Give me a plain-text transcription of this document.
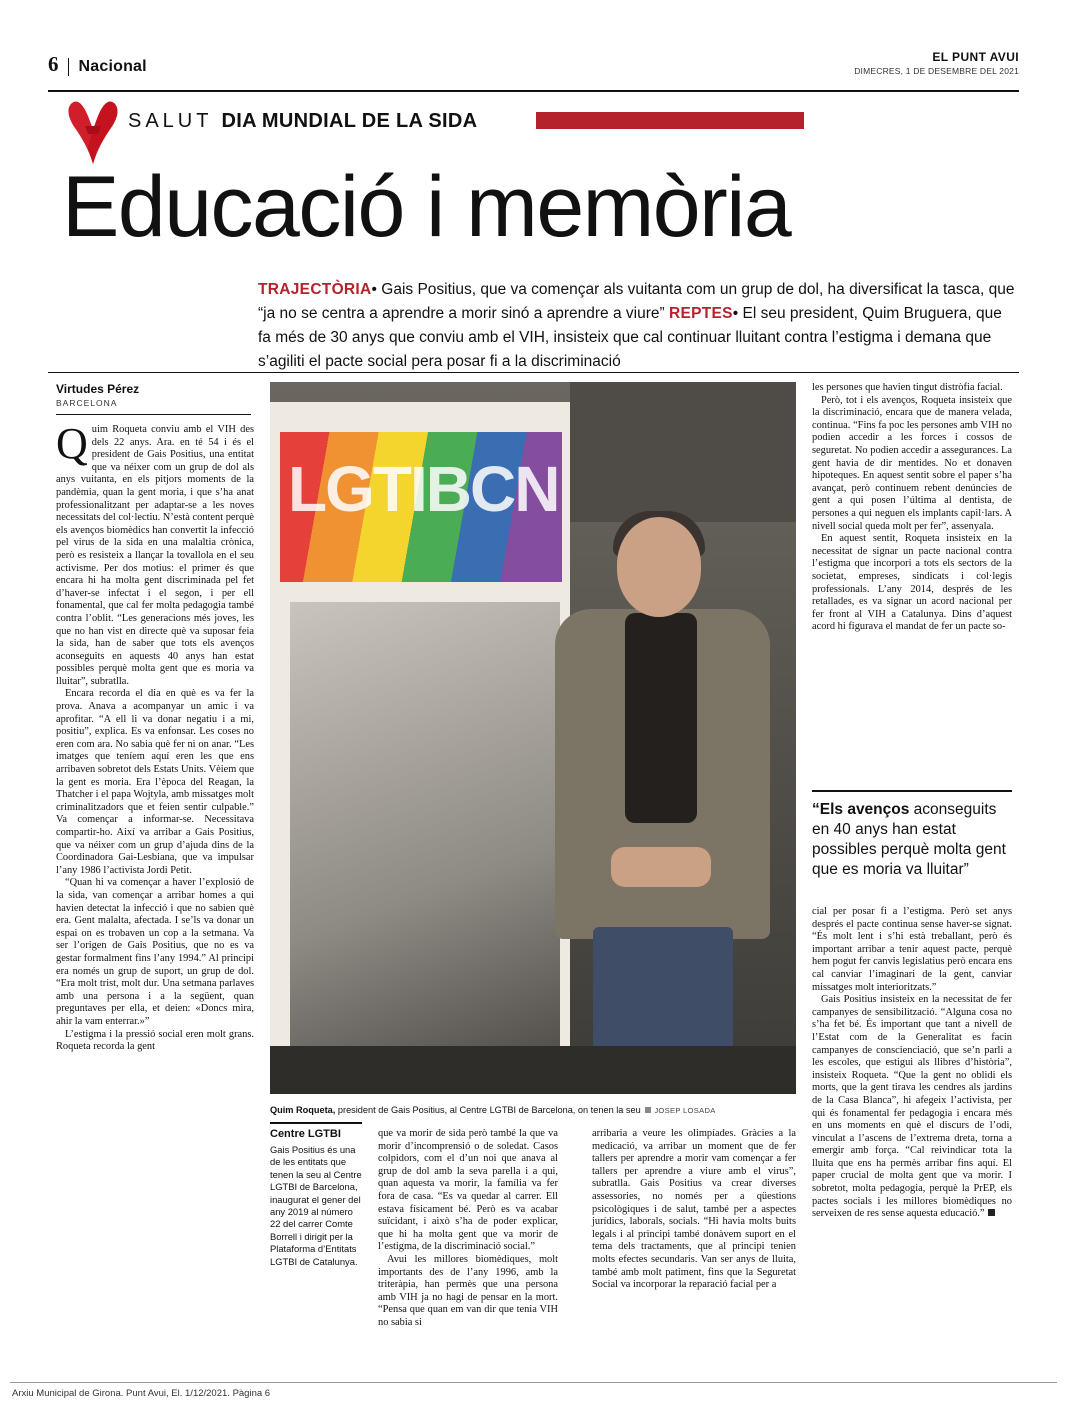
6 Nacional
EL PUNT AVUI
DIMECRES, 1 DE DESEMBRE DEL 2021
SALUT DIA MUNDIAL DE LA SIDA
Educació i memòria
TRAJECTÒRIA• Gais Positius, que va començar als vuitanta com un grup de dol, ha diversificat la tasca, que “ja no se centra a aprendre a morir sinó a aprendre a viure” REPTES• El seu president, Quim Bruguera, que fa més de 30 anys que conviu amb el VIH, insisteix que cal continuar lluitant contra l’estigma i demana que s’agiliti el pacte social pera posar fi a la discriminació
Virtudes Pérez
BARCELONA

Quim Roqueta conviu amb el VIH des dels 22 anys. Ara. en té 54 i és el president de Gais Positius, una entitat que va néixer com un grup de dol als anys vuitanta, en els pitjors moments de la pandèmia, quan la gent moria, i que s’ha anat professionalitzant per adaptar-se a les noves necessitats del col·lectiu. N’està content perquè els avenços biomèdics han convertit la infecció pel virus de la sida en una malaltia crònica, però es resisteix a llançar la tovallola en el seu activisme. Per dos motius: el primer és que encara hi ha molta gent discriminada pel fet d’haver-se infectat i el segon, i per ell fonamental, que cal fer molta pedagogia també contra l’oblit. “Les generacions més joves, les que no han vist en directe què va suposar feia la sida, han de saber que tots els avenços aconseguits en aquests 40 anys han estat possibles perquè molta gent que es moria va lluitar”, subratlla.

Encara recorda el dia en què es va fer la prova. Anava a acompanyar un amic i va aprofitar. “A ell li va donar negatiu i a mi, positiu”, explica. Es va enfonsar. Les coses no eren com ara. No sabia què fer ni on anar. “Les imatges que teníem aquí eren les que ens arribaven sobretot dels Estats Units. Vèiem que la gent es moria. Era l’època del Reagan, la Thatcher i el papa Wojtyla, amb missatges molt criminalitzadors que et feien sentir culpable.” Va començar a informar-se. Necessitava compartir-ho. Així va arribar a Gais Positius, que va néixer com un grup d’ajuda dins de la Coordinadora Gai-Lesbiana, que va impulsar l’any 1986 l’activista Jordi Petit.

“Quan hi va començar a haver l’explosió de la sida, van començar a arribar homes a qui havien detectat la infecció i que no sabien què era. Gent malalta, afectada. I se’ls va donar un espai on es trobaven un cop a la setmana. Va ser l’origen de Gais Positius, que no es va gestar formalment fins l’any 1994.” Al principi era només un grup de suport, un grup de dol. “Era molt trist, molt dur. Una setmana parlaves amb una persona i a la següent, quan preguntaves per ella, et deien: «Doncs mira, ahir la vam enterrar.»”

L’estigma i la pressió social eren molt grans. Roqueta recorda la gent

LGTIBCN
Quim Roqueta, president de Gais Positius, al Centre LGTBI de Barcelona, on tenen la seu JOSEP LOSADA
Centre LGTBI
Gais Positius és una de les entitats que tenen la seu al Centre LGTBI de Barcelona, inaugurat el gener del any 2019 al número 22 del carrer Comte Borrell i dirigit per la Plataforma d’Entitats LGTBI de Catalunya.

que va morir de sida però també la que va morir d’incomprensió o de soledat. Casos colpidors, com el d’un noi que anava al grup de dol amb la seva parella i a qui, quan aquesta va morir, la família va fer fora de casa. “Es va quedar al carrer. Ell estava físicament bé. Però es va acabar suïcidant, i això s’ha de poder explicar, que hi ha molta gent que va morir de l’estigma, de la discriminació social.”

Avui les millores biomèdiques, molt importants des de l’any 1996, amb la triteràpia, han permès que una persona amb VIH ja no hagi de pensar en la mort. “Pensa que quan em van dir que tenia VIH no sabia si

arribaria a veure les olimpíades. Gràcies a la medicació, va arribar un moment que de fer tallers per aprendre a morir vam començar a fer tallers per aprendre a viure amb el virus”, subratlla. Gais Positius va crear diverses assessories, no només per a qüestions psicològiques i de salut, també per a aspectes jurídics, laborals, socials. “Hi havia molts buits legals i al principi també donàvem suport en el tema dels tractaments, que al principi tenien molts efectes secundaris. Van ser anys de lluita, també amb molt patiment, fins que la Seguretat Social va incorporar la reparació facial per a

les persones que havien tingut distròfia facial.

Però, tot i els avenços, Roqueta insisteix que la discriminació, encara que de manera velada, continua. “Fins fa poc les persones amb VIH no podien accedir a les forces i cossos de seguretat. No podien accedir a assegurances. La gent havia de dir mentides. No et donaven hipoteques. En aquest sentit sobre el paper s’ha avançat, però continuem rebent denúncies de gent a qui posen l’última al dentista, de persones a qui neguen els implants capil·lars. A nivell social queda molt per fer”, assenyala.

En aquest sentit, Roqueta insisteix en la necessitat de signar un pacte nacional contra l’estigma que incorpori a tots els sectors de la societat, empreses, sindicats i col·legis professionals. L’any 2014, després de les retallades, es va signar un acord nacional per fer front al VIH a Catalunya. Dins d’aquest acord hi figurava el mandat de fer un pacte so-

“Els avenços aconseguits en 40 anys han estat possibles perquè molta gent que es moria va lluitar”

cial per posar fi a l’estigma. Però set anys després el pacte continua sense haver-se signat. “És molt lent i s’hi està treballant, però és important arribar a tenir aquest pacte, perquè hem pogut fer canvis legislatius però encara ens cal canviar l’imaginari de la gent, canviar missatges molt interioritzats.”

Gais Positius insisteix en la necessitat de fer campanyes de sensibilització. “Alguna cosa no s’ha fet bé. És important que tant a nivell de l’Estat com de la Generalitat es facin campanyes de conscienciació, que se’n parli a les escoles, que estigui als llibres d’història”, insisteix Roqueta. “Que la gent no oblidi els morts, que la gent tirava les cendres als jardins de la Casa Blanca”, hi afegeix l’activista, per qui és fonamental fer pedagogia i encara més en uns moments en què el discurs de l’odi, vinculat a l’ascens de l’extrema dreta, torna a emergir amb força. “Cal reivindicar tota la lluita que ens ha permès arribar fins aquí. El paper crucial de molta gent que va morir. I sobretot, molta pedagogia, perquè la PrEP, els pactes socials i les millores biomèdiques no serveixen de res sense aquesta educació.”

Arxiu Municipal de Girona. Punt Avui, El. 1/12/2021. Pàgina 6
